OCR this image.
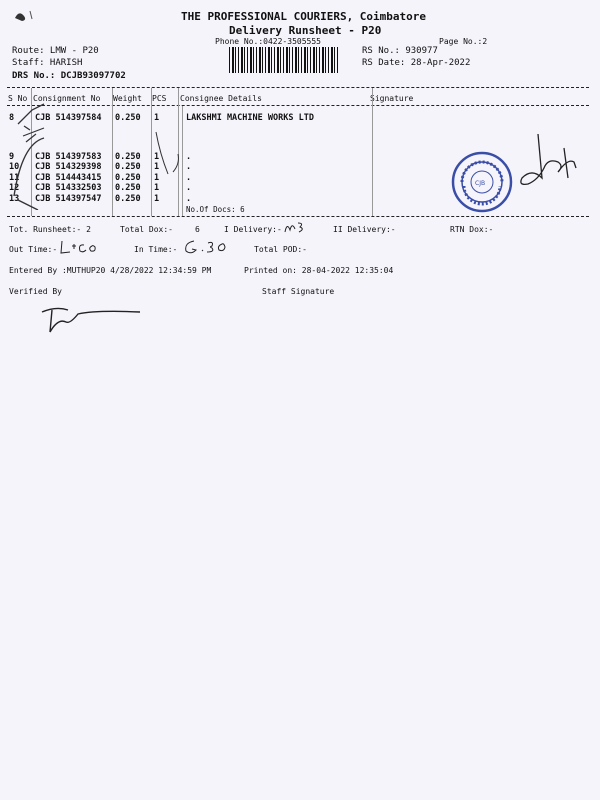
THE PROFESSIONAL COURIERS, Coimbatore
Delivery Runsheet - P20
Phone No.:0422-3505555	Page No.:2
Route: LMW - P20
Staff: HARISH
DRS No.: DCJB93097702
RS No.: 930977
RS Date: 28-Apr-2022
S No Consignment No Weight PCS Consignee Details	Signature
8 CJB 514397584 0.250 1	LAKSHMI MACHINE WORKS LTD
9 CJB 514397583 0.250 1	.
10 CJB 514329398 0.250 1	.
11 CJB 514443415 0.250 1	.
12 CJB 514332503 0.250 1	.
13 CJB 514397547 0.250 1	.
No.Of Docs: 6
Tot. Runsheet:- 2	Total Dox:-	6	I Delivery:-	II Delivery:-	RTN Dox:-
Out Time:-	In Time:-	Total POD:-
Entered By :MUTHUP20 4/28/2022 12:34:59 PM	Printed on: 28-04-2022 12:35:04
Verified By	Staff Signature
CJB
